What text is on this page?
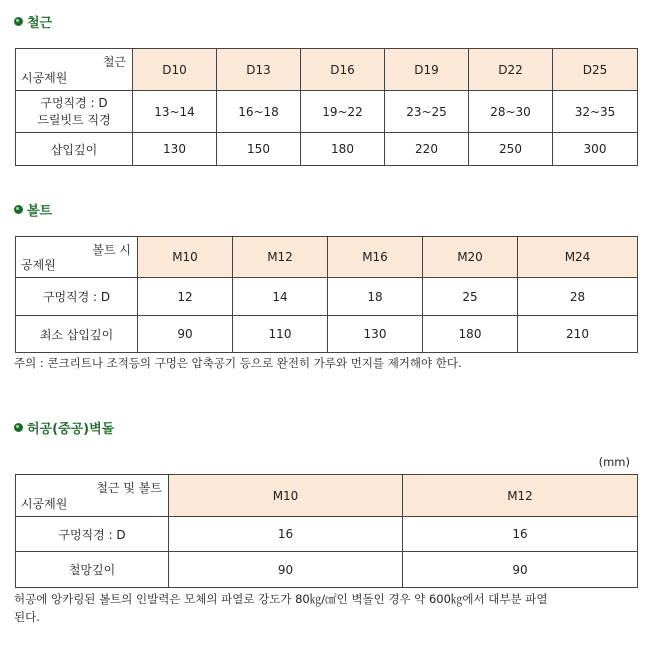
철근
철근
시공제원	D10	D13	D16	D19	D22	D25

구멍직경 : D
드릴빗트 직경	13~14	16~18	19~22	23~25	28~30	32~35
삽입깊이	130	150	180	220	250	300
볼트
볼트 시
공제원	M10	M12	M16	M20	M24
구멍직경 : D	12	14	18	25	28
최소 삽입깊이	90	110	130	180	210
주의 : 콘크리트나 조적등의 구멍은 압축공기 등으로 완전히 가루와 먼지를 제거해야 한다.
허공(중공)벽돌
(mm)
철근 및 볼트
시공제원	M10	M12
구멍직경 : D	16	16
철망깊이	90	90
허공에 앙카링된 볼트의 인발력은 모체의 파열로 강도가 80㎏/㎠인 벽돌인 경우 약 600㎏에서 대부분 파열
된다.
